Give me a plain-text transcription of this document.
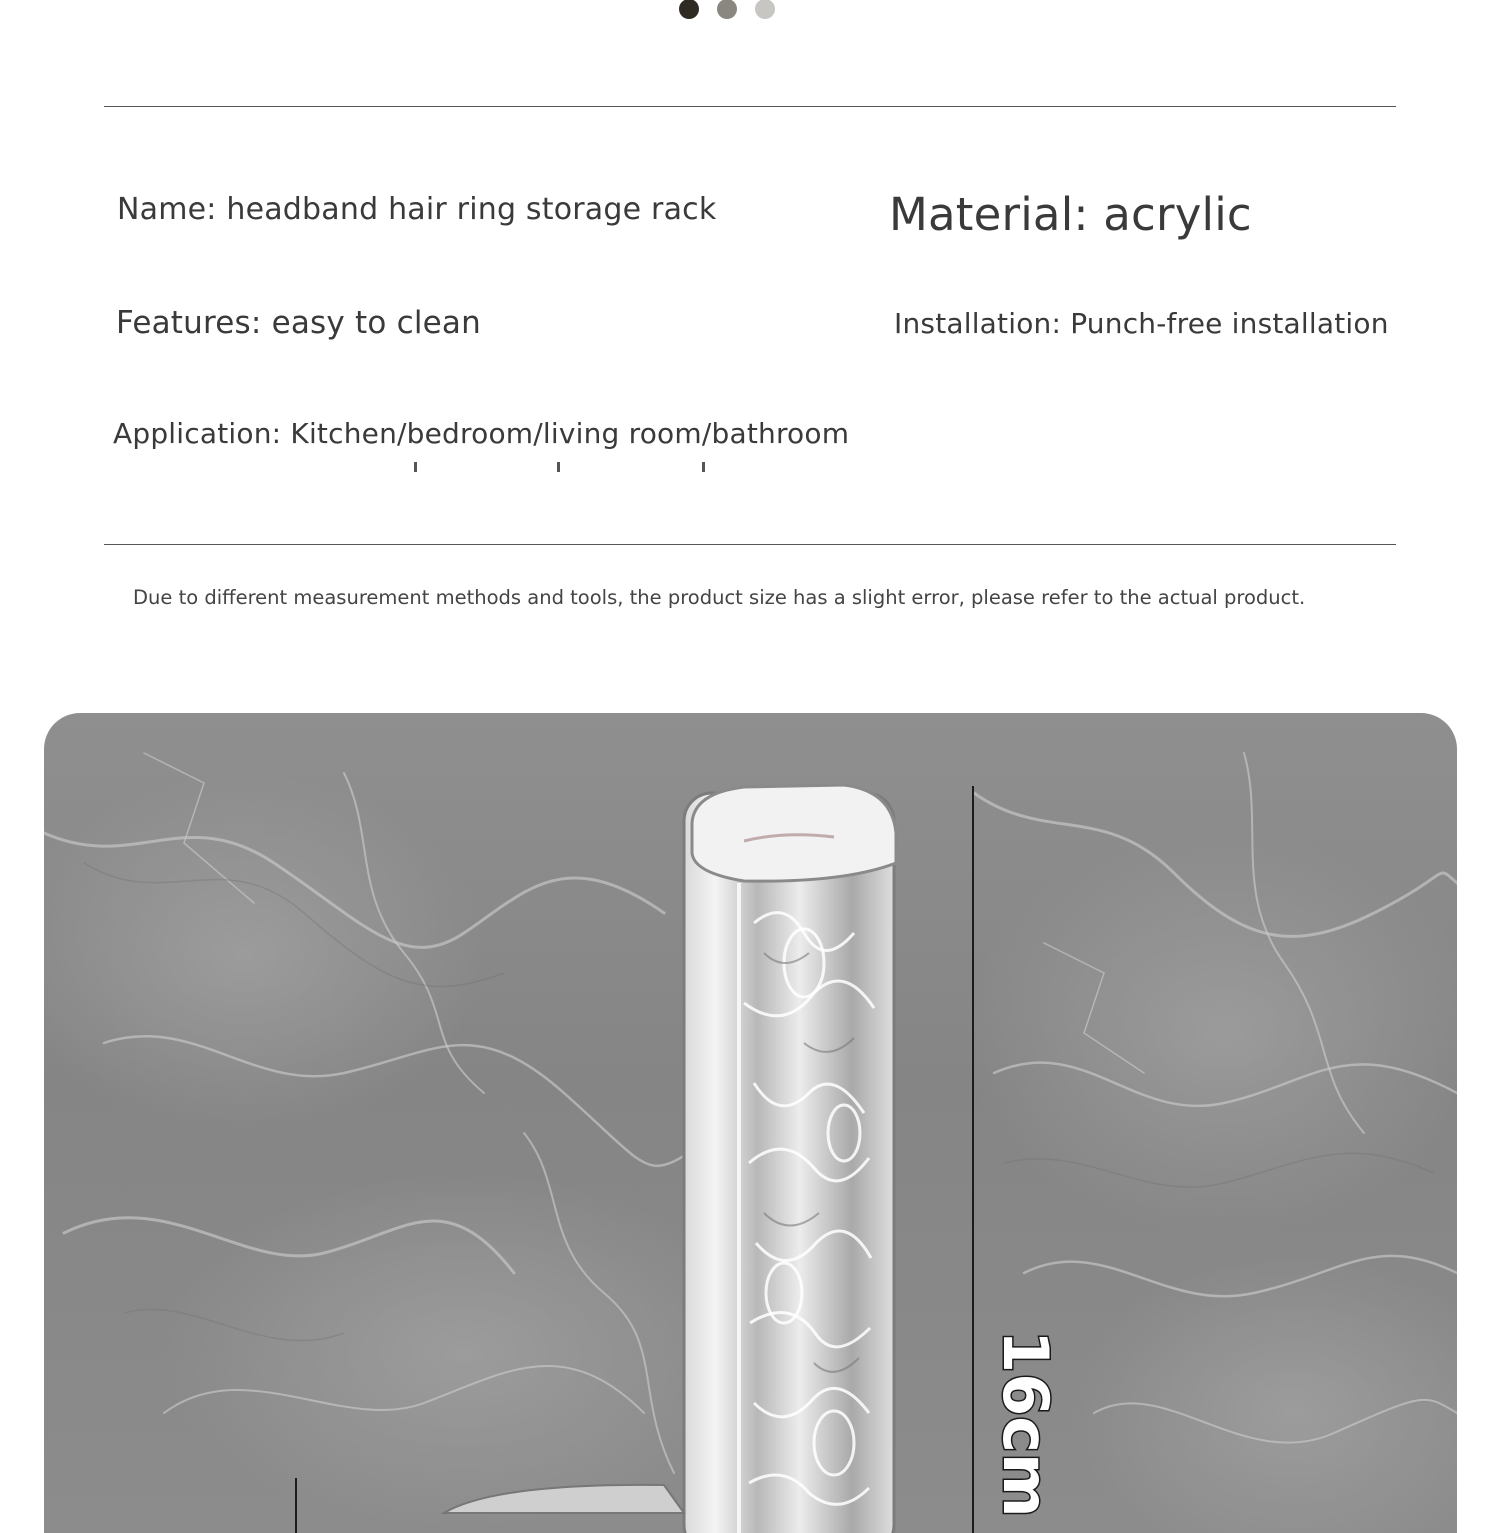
Name: headband hair ring storage rack	Material: acrylic
Features: easy to clean	Installation: Punch-free installation
Application: Kitchen/bedroom/living room/bathroom
Due to different measurement methods and tools, the product size has a slight error, please refer to the actual product.
16cm
